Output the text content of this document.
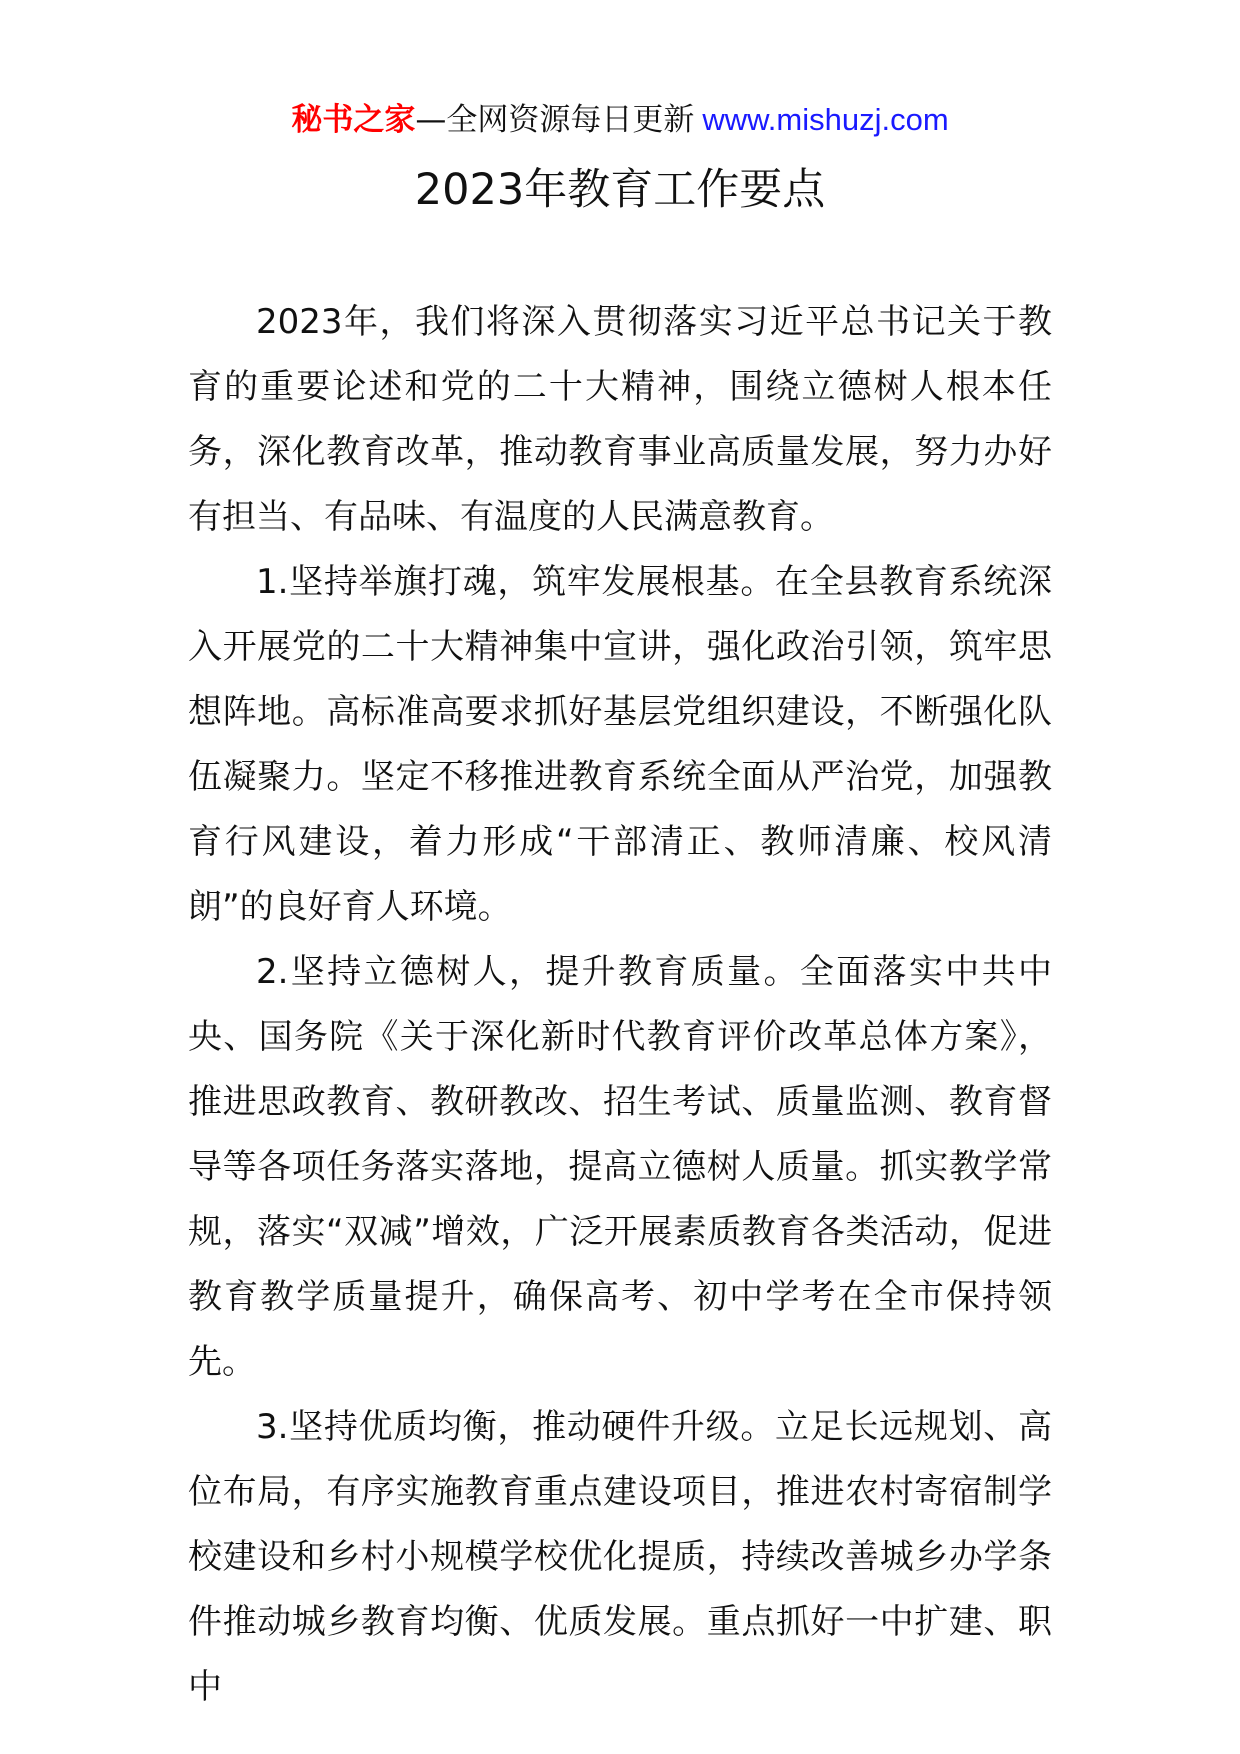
秘书之家—全网资源每日更新 www.mishuzj.com
2023年教育工作要点

2023年，我们将深入贯彻落实习近平总书记关于教育的重要论述和党的二十大精神，围绕立德树人根本任务，深化教育改革，推动教育事业高质量发展，努力办好有担当、有品味、有温度的人民满意教育。

1.坚持举旗打魂，筑牢发展根基。在全县教育系统深入开展党的二十大精神集中宣讲，强化政治引领，筑牢思想阵地。高标准高要求抓好基层党组织建设，不断强化队伍凝聚力。坚定不移推进教育系统全面从严治党，加强教育行风建设，着力形成“干部清正、教师清廉、校风清朗”的良好育人环境。

2.坚持立德树人，提升教育质量。全面落实中共中央、国务院《关于深化新时代教育评价改革总体方案》，推进思政教育、教研教改、招生考试、质量监测、教育督导等各项任务落实落地，提高立德树人质量。抓实教学常规，落实“双减”增效，广泛开展素质教育各类活动，促进教育教学质量提升，确保高考、初中学考在全市保持领先。

3.坚持优质均衡，推动硬件升级。立足长远规划、高位布局，有序实施教育重点建设项目，推进农村寄宿制学校建设和乡村小规模学校优化提质，持续改善城乡办学条件推动城乡教育均衡、优质发展。重点抓好一中扩建、职中
